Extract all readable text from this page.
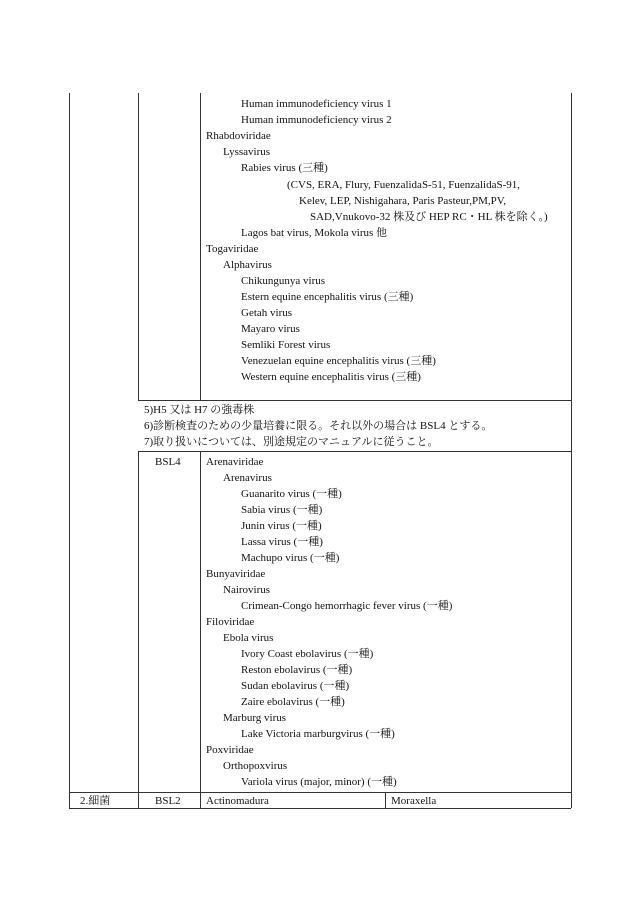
Human immunodeficiency virus 1
Human immunodeficiency virus 2
Rhabdoviridae
Lyssavirus
Rabies virus (三種)
(CVS, ERA, Flury, FuenzalidaS-51, FuenzalidaS-91,
Kelev, LEP, Nishigahara, Paris Pasteur,PM,PV,
SAD,Vnukovo-32 株及び HEP RC・HL 株を除く。)
Lagos bat virus, Mokola virus 他
Togaviridae
Alphavirus
Chikungunya virus
Estern equine encephalitis virus (三種)
Getah virus
Mayaro virus
Semliki Forest virus
Venezuelan equine encephalitis virus (三種)
Western equine encephalitis virus (三種)
5)H5 又は H7 の強毒株
6)診断検査のための少量培養に限る。それ以外の場合は BSL4 とする。
7)取り扱いについては、別途規定のマニュアルに従うこと。
BSL4 Arenaviridae
Arenavirus
Guanarito virus (一種)
Sabia virus (一種)
Junin virus (一種)
Lassa virus (一種)
Machupo virus (一種)
Bunyaviridae
Nairovirus
Crimean-Congo hemorrhagic fever virus (一種)
Filoviridae
Ebola virus
Ivory Coast ebolavirus (一種)
Reston ebolavirus (一種)
Sudan ebolavirus (一種)
Zaire ebolavirus (一種)
Marburg virus
Lake Victoria marburgvirus (一種)
Poxviridae
Orthopoxvirus
Variola virus (major, minor) (一種)
2.細菌	BSL2 Actinomadura	Moraxella
